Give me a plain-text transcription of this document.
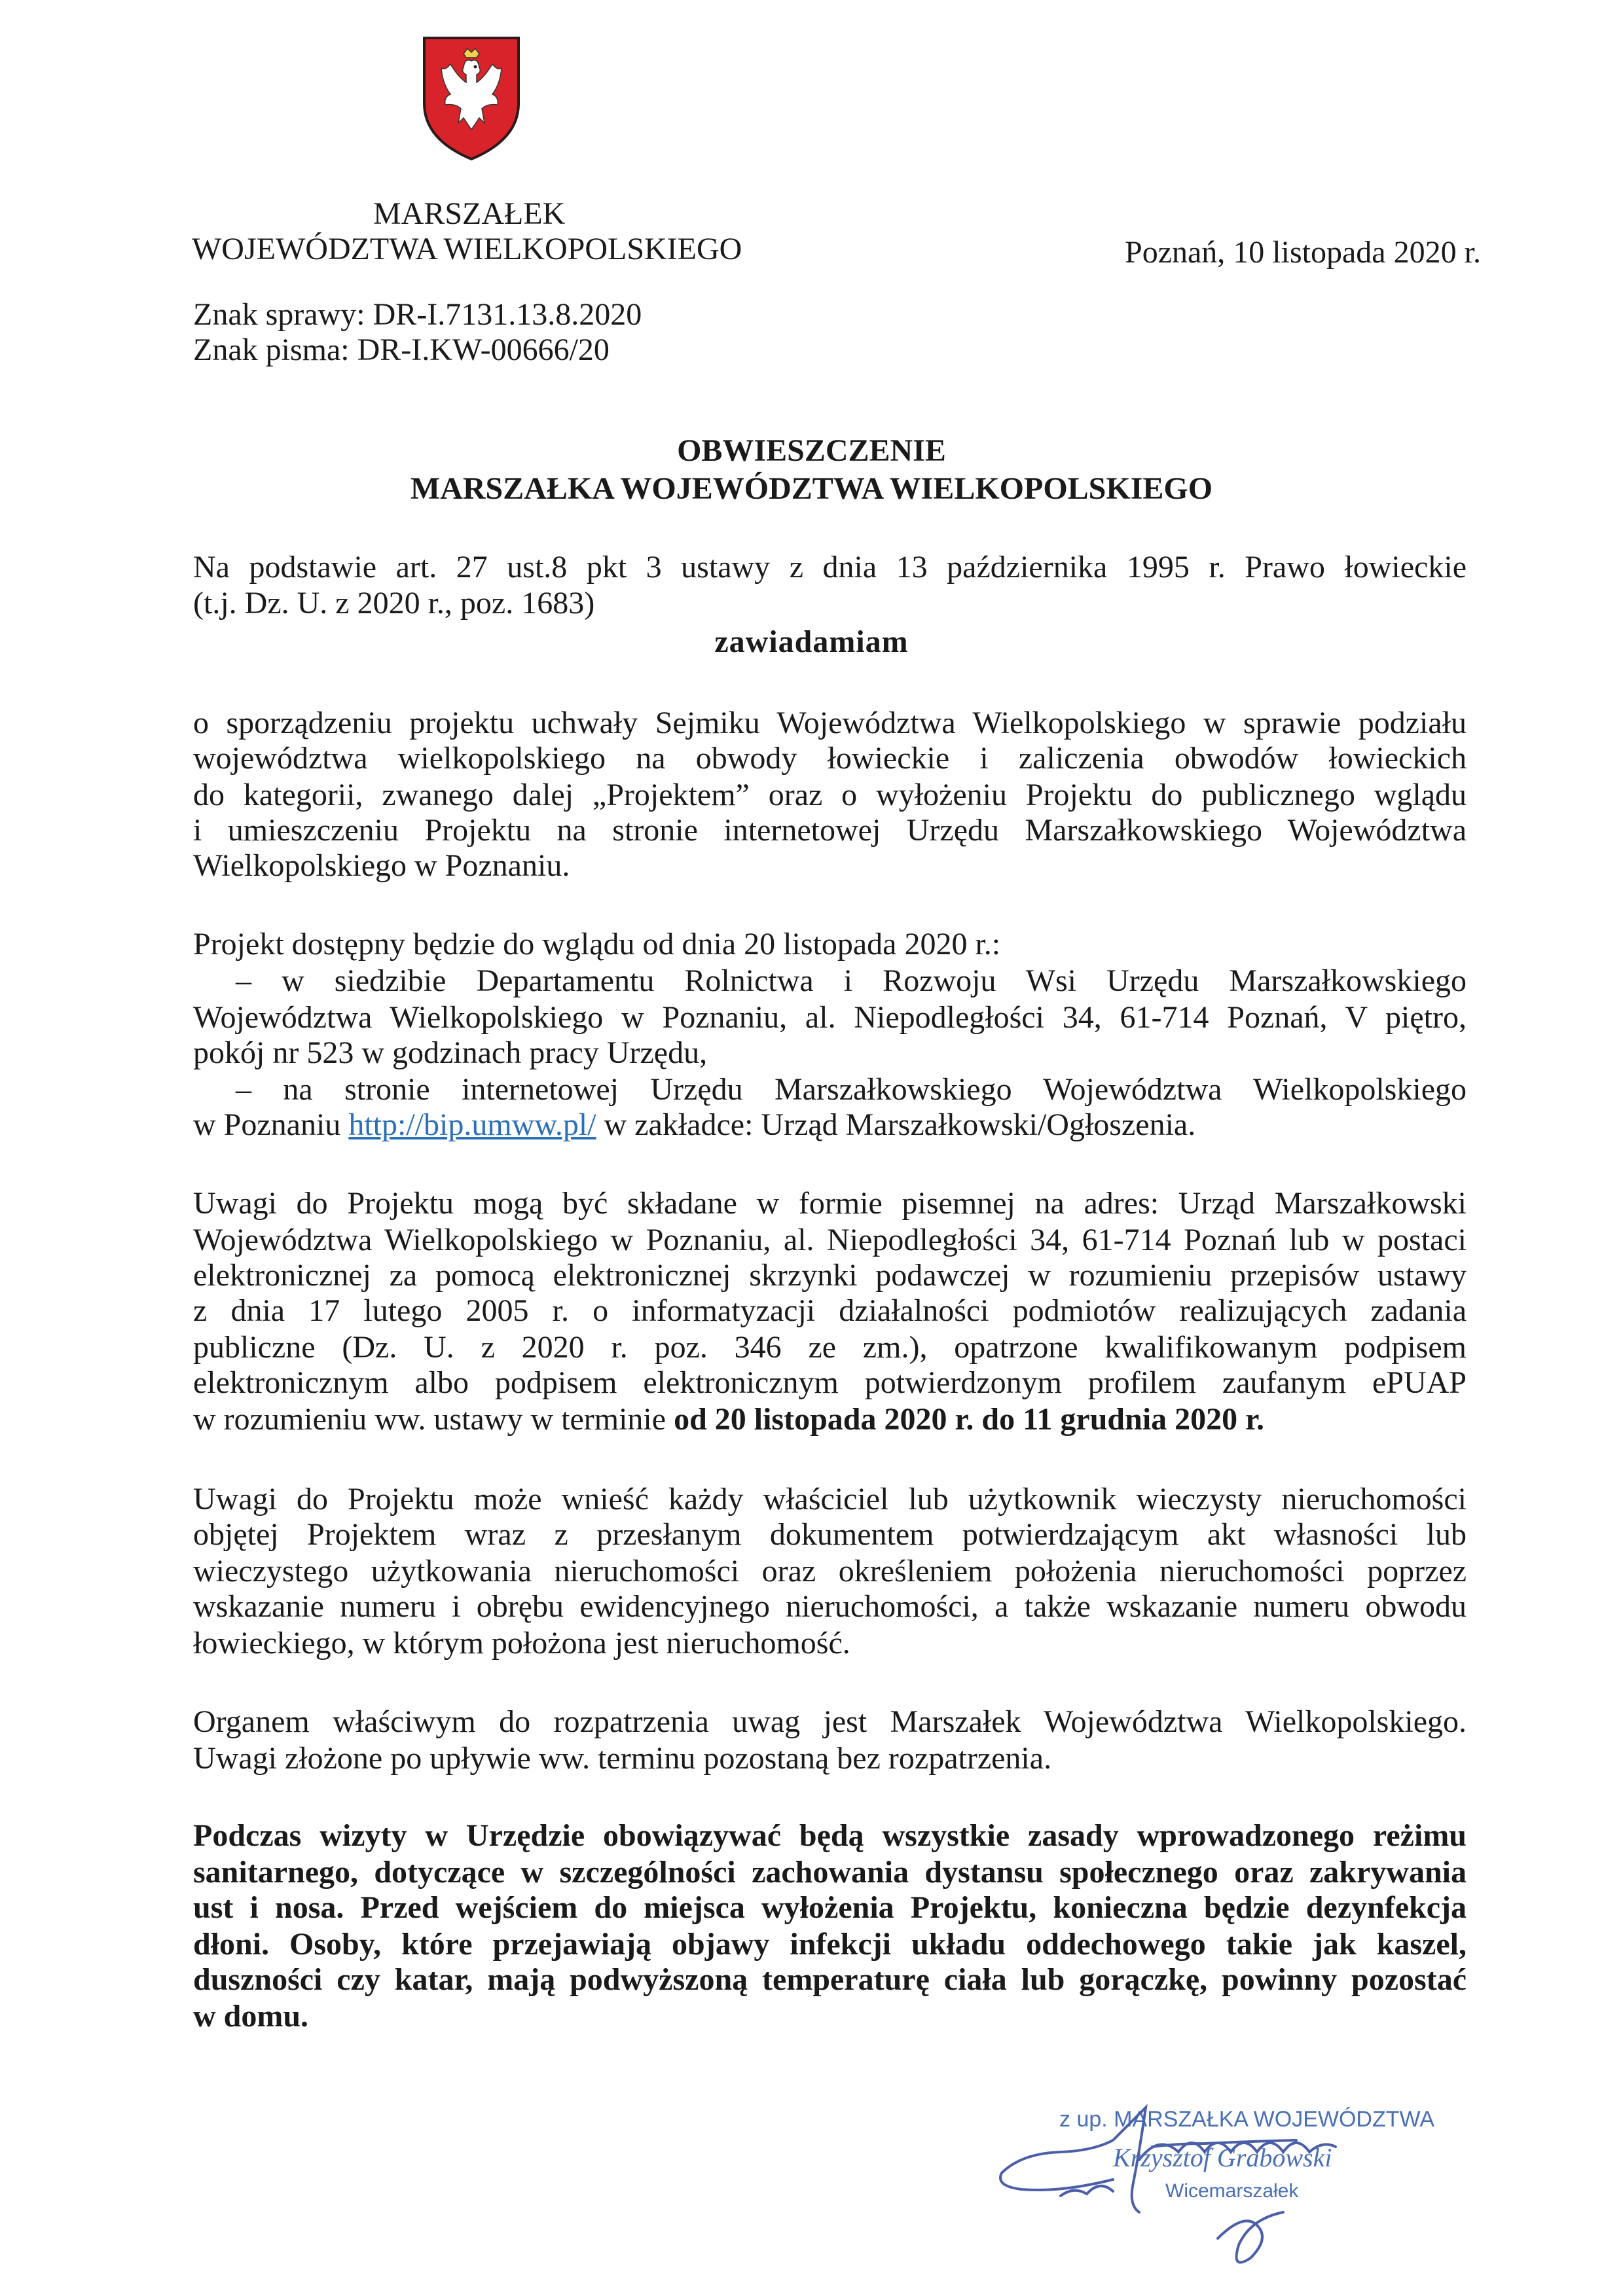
MARSZAŁEK
WOJEWÓDZTWA WIELKOPOLSKIEGO	Poznań, 10 listopada 2020 r.
Znak sprawy: DR-I.7131.13.8.2020
Znak pisma: DR-I.KW-00666/20
OBWIESZCZENIE
MARSZAŁKA WOJEWÓDZTWA WIELKOPOLSKIEGO
Na podstawie art. 27 ust.8 pkt 3 ustawy z dnia 13 października 1995 r. Prawo łowieckie
(t.j. Dz. U. z 2020 r., poz. 1683)
zawiadamiam
o sporządzeniu projektu uchwały Sejmiku Województwa Wielkopolskiego w sprawie podziału
województwa wielkopolskiego na obwody łowieckie i zaliczenia obwodów łowieckich
do kategorii, zwanego dalej „Projektem” oraz o wyłożeniu Projektu do publicznego wglądu
i umieszczeniu Projektu na stronie internetowej Urzędu Marszałkowskiego Województwa
Wielkopolskiego w Poznaniu.
Projekt dostępny będzie do wglądu od dnia 20 listopada 2020 r.:
– w siedzibie Departamentu Rolnictwa i Rozwoju Wsi Urzędu Marszałkowskiego
Województwa Wielkopolskiego w Poznaniu, al. Niepodległości 34, 61-714 Poznań, V piętro,
pokój nr 523 w godzinach pracy Urzędu,
– na stronie internetowej Urzędu Marszałkowskiego Województwa Wielkopolskiego
w Poznaniu http://bip.umww.pl/ w zakładce: Urząd Marszałkowski/Ogłoszenia.
Uwagi do Projektu mogą być składane w formie pisemnej na adres: Urząd Marszałkowski
Województwa Wielkopolskiego w Poznaniu, al. Niepodległości 34, 61-714 Poznań lub w postaci
elektronicznej za pomocą elektronicznej skrzynki podawczej w rozumieniu przepisów ustawy
z dnia 17 lutego 2005 r. o informatyzacji działalności podmiotów realizujących zadania
publiczne (Dz. U. z 2020 r. poz. 346 ze zm.), opatrzone kwalifikowanym podpisem
elektronicznym albo podpisem elektronicznym potwierdzonym profilem zaufanym ePUAP
w rozumieniu ww. ustawy w terminie od 20 listopada 2020 r. do 11 grudnia 2020 r.
Uwagi do Projektu może wnieść każdy właściciel lub użytkownik wieczysty nieruchomości
objętej Projektem wraz z przesłanym dokumentem potwierdzającym akt własności lub
wieczystego użytkowania nieruchomości oraz określeniem położenia nieruchomości poprzez
wskazanie numeru i obrębu ewidencyjnego nieruchomości, a także wskazanie numeru obwodu
łowieckiego, w którym położona jest nieruchomość.
Organem właściwym do rozpatrzenia uwag jest Marszałek Województwa Wielkopolskiego.
Uwagi złożone po upływie ww. terminu pozostaną bez rozpatrzenia.
Podczas wizyty w Urzędzie obowiązywać będą wszystkie zasady wprowadzonego reżimu
sanitarnego, dotyczące w szczególności zachowania dystansu społecznego oraz zakrywania
ust i nosa. Przed wejściem do miejsca wyłożenia Projektu, konieczna będzie dezynfekcja
dłoni. Osoby, które przejawiają objawy infekcji układu oddechowego takie jak kaszel,
duszności czy katar, mają podwyższoną temperaturę ciała lub gorączkę, powinny pozostać
w domu.
z up. MARSZAŁKA WOJEWÓDZTWA
Krzysztof Grabowski
Wicemarszałek
